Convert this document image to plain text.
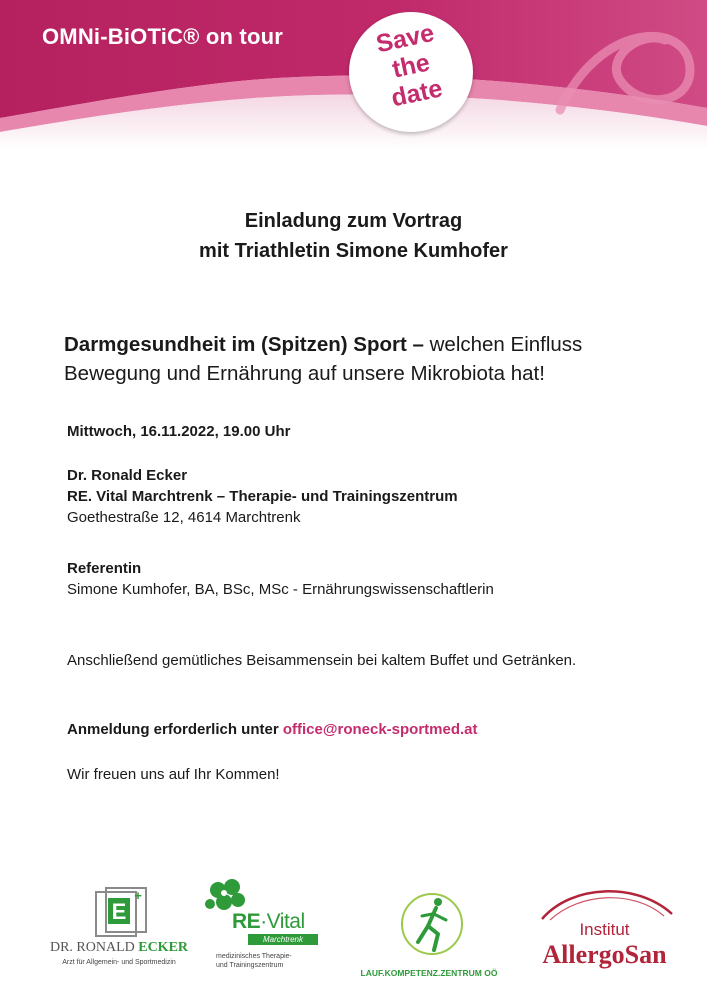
OMNi-BiOTiC® on tour	Save
the
date
Einladung zum Vortrag
mit Triathletin Simone Kumhofer
Darmgesundheit im (Spitzen) Sport – welchen Einfluss
Bewegung und Ernährung auf unsere Mikrobiota hat!
Mittwoch, 16.11.2022, 19.00 Uhr
Dr. Ronald Ecker
RE. Vital Marchtrenk – Therapie- und Trainingszentrum
Goethestraße 12, 4614 Marchtrenk
Referentin
Simone Kumhofer, BA, BSc, MSc - Ernährungswissenschaftlerin
Anschließend gemütliches Beisammensein bei kaltem Buffet und Getränken.
Anmeldung erforderlich unter office@roneck-sportmed.at
Wir freuen uns auf Ihr Kommen!
E
+
DR. RONALD ECKER
Arzt für Allgemein- und Sportmedizin
RE·Vital
Marchtrenk
medizinisches Therapie-
und Trainingszentrum
LAUF.KOMPETENZ.ZENTRUM OÖ
Institut
AllergoSan
